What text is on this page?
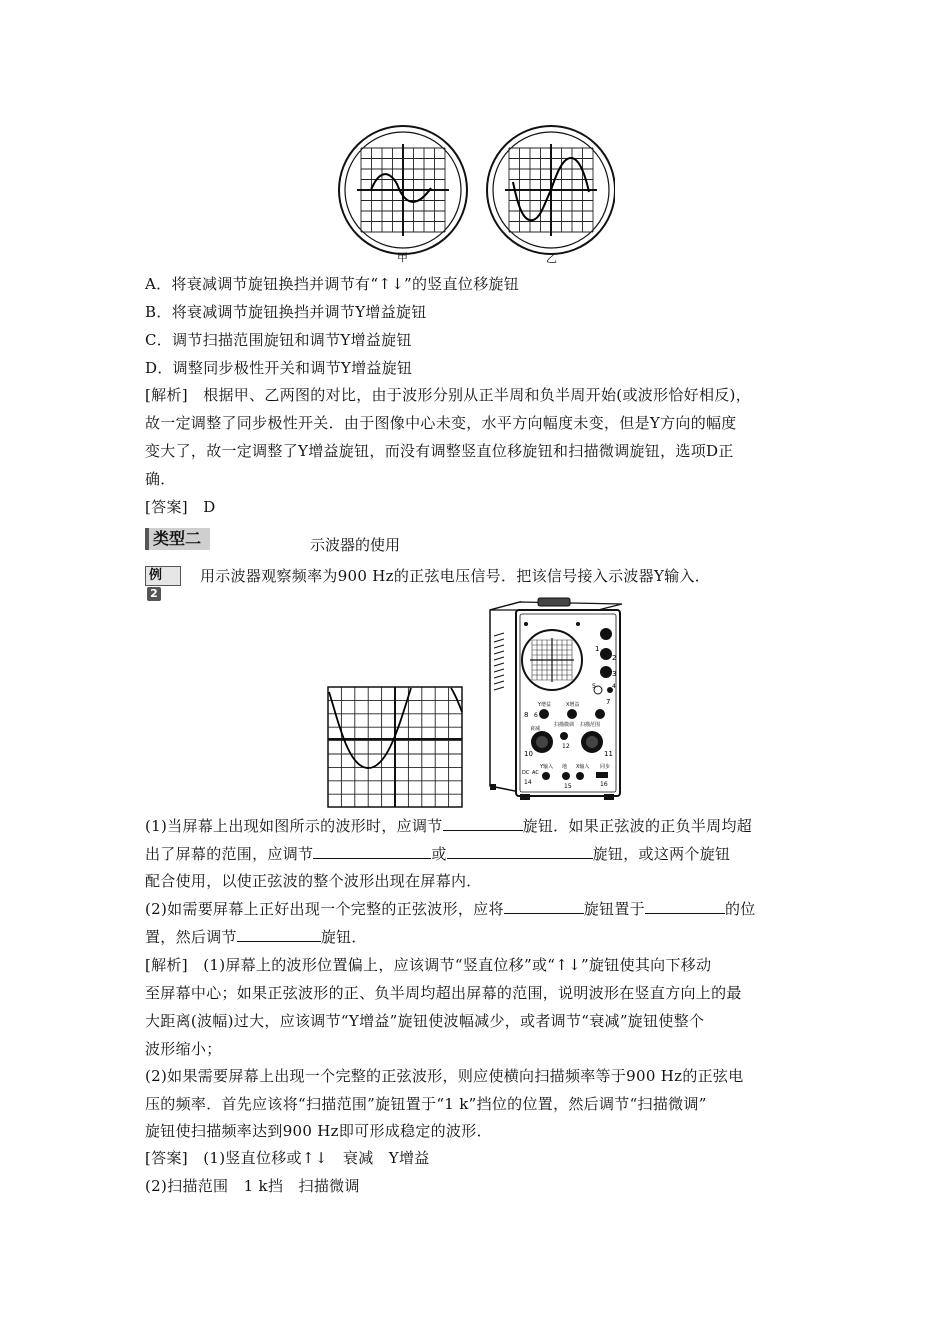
甲	乙
A．将衰减调节旋钮换挡并调节有“↑↓”的竖直位移旋钮
B．将衰减调节旋钮换挡并调节Y增益旋钮
C．调节扫描范围旋钮和调节Y增益旋钮
D．调整同步极性开关和调节Y增益旋钮
[解析]　根据甲、乙两图的对比，由于波形分别从正半周和负半周开始(或波形恰好相反)，
故一定调整了同步极性开关．由于图像中心未变，水平方向幅度未变，但是Y方向的幅度
变大了，故一定调整了Y增益旋钮，而没有调整竖直位移旋钮和扫描微调旋钮，选项D正
确．
[答案]　D
类型二	示波器的使用
例 2
用示波器观察频率为900 Hz的正弦电压信号．把该信号接入示波器Y输入．
1
2
3
5	4
Y增益	X增益
8 6
7
衰减
扫描微调 扫描范围
10
12
11
Y输入 地 X输入 同步
DC AC
14
15	16
(1)当屏幕上出现如图所示的波形时，应调节	旋钮．如果正弦波的正负半周均超
出了屏幕的范围，应调节	或	旋钮，或这两个旋钮
配合使用，以使正弦波的整个波形出现在屏幕内．
(2)如需要屏幕上正好出现一个完整的正弦波形，应将	旋钮置于	的位
置，然后调节	旋钮．
[解析]　(1)屏幕上的波形位置偏上，应该调节“竖直位移”或“↑↓”旋钮使其向下移动
至屏幕中心；如果正弦波形的正、负半周均超出屏幕的范围，说明波形在竖直方向上的最
大距离(波幅)过大，应该调节“Y增益”旋钮使波幅减少，或者调节“衰减”旋钮使整个
波形缩小；
(2)如果需要屏幕上出现一个完整的正弦波形，则应使横向扫描频率等于900 Hz的正弦电
压的频率．首先应该将“扫描范围”旋钮置于“1 k”挡位的位置，然后调节“扫描微调”
旋钮使扫描频率达到900 Hz即可形成稳定的波形．
[答案]　(1)竖直位移或↑↓　衰减　Y增益
(2)扫描范围　1 k挡　扫描微调
